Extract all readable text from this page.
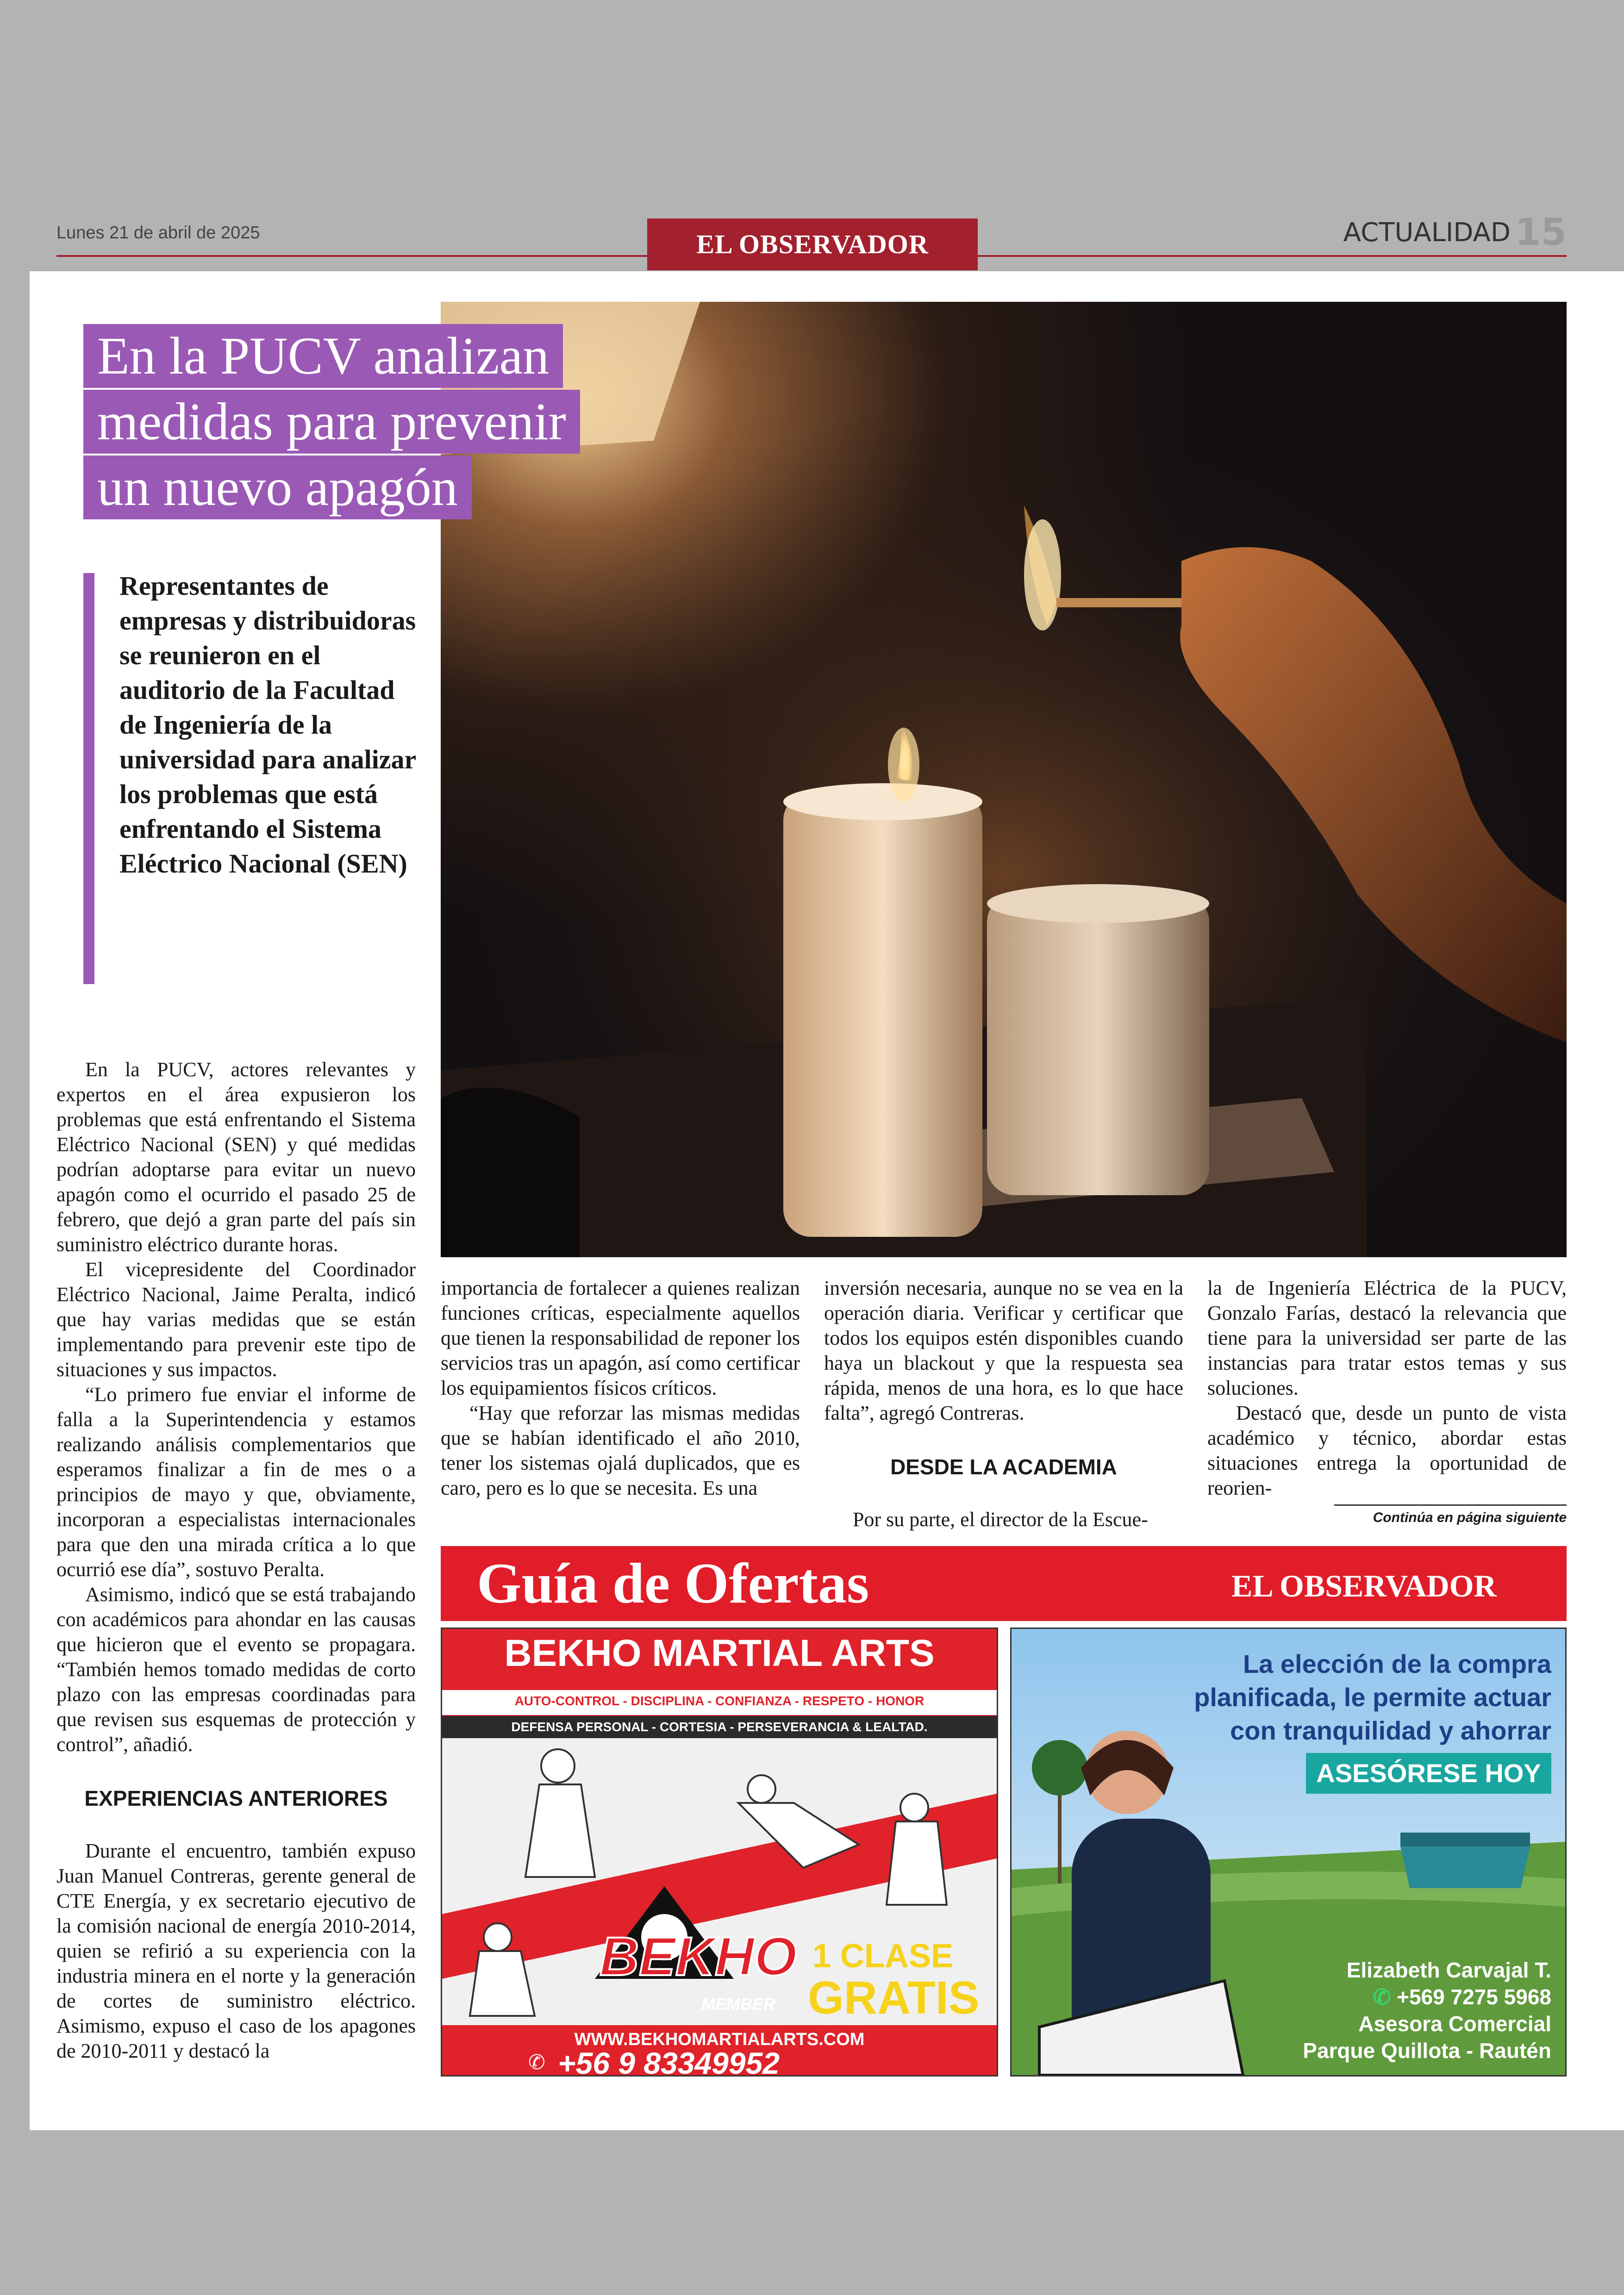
Lunes 21 de abril de 2025	EL OBSERVADOR	ACTUALIDAD 15
En la PUCV analizan
medidas para prevenir
un nuevo apagón
Representantes de empresas y distribuidoras se reunieron en el auditorio de la Facultad de Ingeniería de la universidad para analizar los problemas que está enfrentando el Sistema Eléctrico Nacional (SEN)

En la PUCV, actores relevantes y expertos en el área expusieron los problemas que está enfrentando el Sistema Eléctrico Nacional (SEN) y qué medidas podrían adoptarse para evitar un nuevo apagón como el ocurrido el pasado 25 de febrero, que dejó a gran parte del país sin suministro eléctrico durante horas.

El vicepresidente del Coordinador Eléctrico Nacional, Jaime Peralta, indicó que hay varias medidas que se están implementando para prevenir este tipo de situaciones y sus impactos.

“Lo primero fue enviar el informe de falla a la Superintendencia y estamos realizando análisis complementarios que esperamos finalizar a fin de mes o a principios de mayo y que, obviamente, incorporan a especialistas internacionales para que den una mirada crítica a lo que ocurrió ese día”, sostuvo Peralta.

Asimismo, indicó que se está trabajando con académicos para ahondar en las causas que hicieron que el evento se propagara. “También hemos tomado medidas de corto plazo con las empresas coordinadas para que revisen sus esquemas de protección y control”, añadió.

EXPERIENCIAS ANTERIORES

Durante el encuentro, también expuso Juan Manuel Contreras, gerente general de CTE Energía, y ex secretario ejecutivo de la comisión nacional de energía 2010-2014, quien se refirió a su experiencia con la industria minera en el norte y la generación de cortes de suministro eléctrico. Asimismo, expuso el caso de los apagones de 2010-2011 y destacó la

importancia de fortalecer a quienes realizan funciones críticas, especialmente aquellos que tienen la responsabilidad de reponer los servicios tras un apagón, así como certificar los equipamientos físicos críticos.

“Hay que reforzar las mismas medidas que se habían identificado el año 2010, tener los sistemas ojalá duplicados, que es caro, pero es lo que se necesita. Es una

inversión necesaria, aunque no se vea en la operación diaria. Verificar y certificar que todos los equipos estén disponibles cuando haya un blackout y que la respuesta sea rápida, menos de una hora, es lo que hace falta”, agregó Contreras.

DESDE LA ACADEMIA

Por su parte, el director de la Escue-

la de Ingeniería Eléctrica de la PUCV, Gonzalo Farías, destacó la relevancia que tiene para la universidad ser parte de las instancias para tratar estos temas y sus soluciones.

Destacó que, desde un punto de vista académico y técnico, abordar estas situaciones entrega la oportunidad de reorien-

Continúa en página siguiente
Guía de Ofertas	EL OBSERVADOR
BEKHO MARTIAL ARTS
AUTO-CONTROL - DISCIPLINA - CONFIANZA - RESPETO - HONOR
DEFENSA PERSONAL - CORTESIA - PERSEVERANCIA & LEALTAD.
BEKHO
MEMBER
1 CLASE
GRATIS
WWW.BEKHOMARTIALARTS.COM
✆ +56 9 83349952
La elección de la compra
planificada, le permite actuar
con tranquilidad y ahorrar
ASESÓRESE HOY
Elizabeth Carvajal T.
✆ +569 7275 5968
Asesora Comercial
Parque Quillota - Rautén
